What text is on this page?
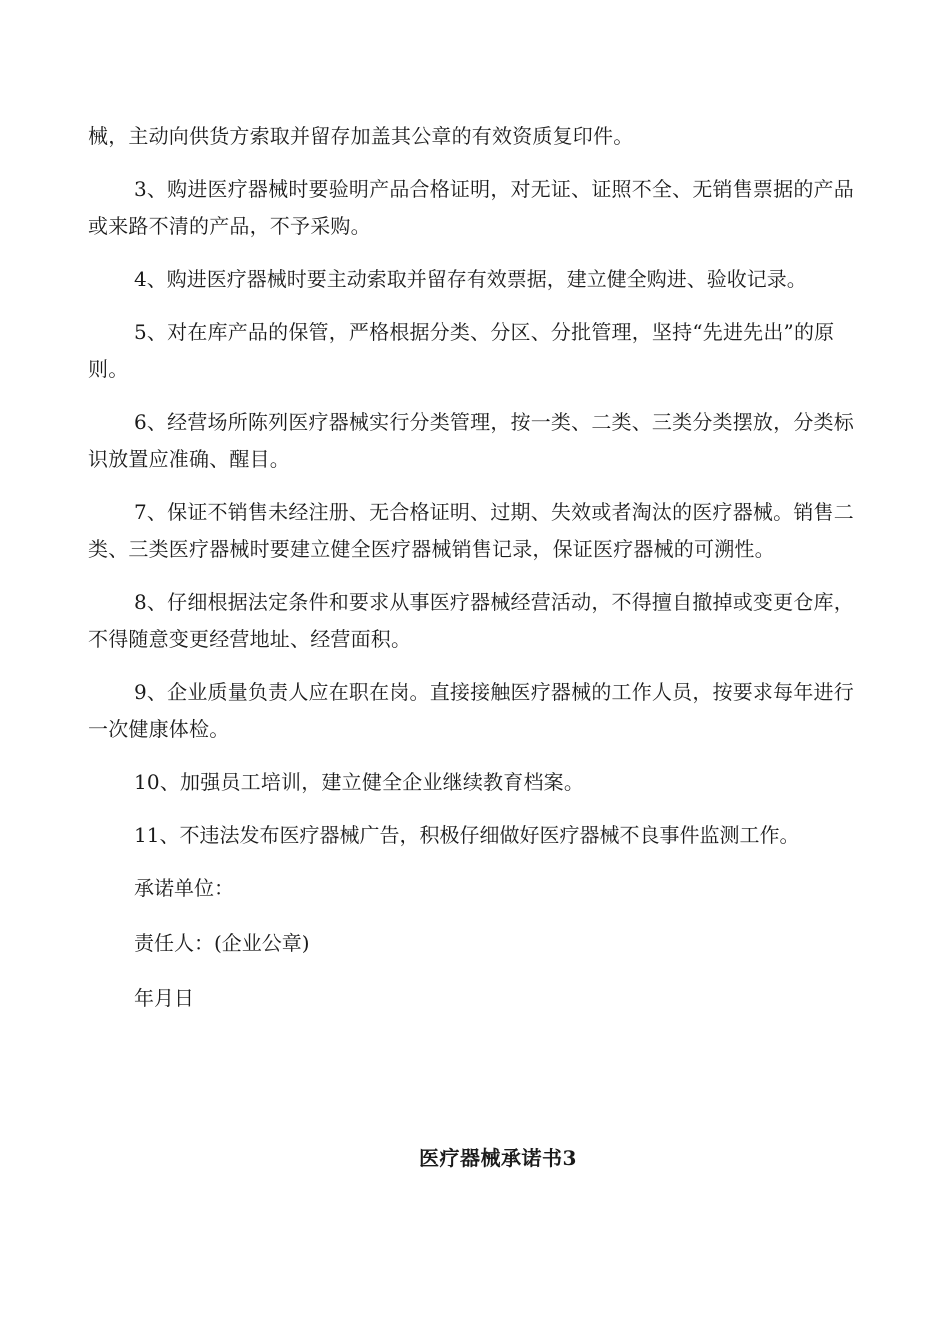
械，主动向供货方索取并留存加盖其公章的有效资质复印件。

3、购进医疗器械时要验明产品合格证明，对无证、证照不全、无销售票据的产品或来路不清的产品，不予采购。

4、购进医疗器械时要主动索取并留存有效票据，建立健全购进、验收记录。

5、对在库产品的保管，严格根据分类、分区、分批管理，坚持“先进先出”的原则。

6、经营场所陈列医疗器械实行分类管理，按一类、二类、三类分类摆放，分类标识放置应准确、醒目。

7、保证不销售未经注册、无合格证明、过期、失效或者淘汰的医疗器械。销售二类、三类医疗器械时要建立健全医疗器械销售记录，保证医疗器械的可溯性。

8、仔细根据法定条件和要求从事医疗器械经营活动，不得擅自撤掉或变更仓库，不得随意变更经营地址、经营面积。

9、企业质量负责人应在职在岗。直接接触医疗器械的工作人员，按要求每年进行一次健康体检。

10、加强员工培训，建立健全企业继续教育档案。

11、不违法发布医疗器械广告，积极仔细做好医疗器械不良事件监测工作。

承诺单位：
责任人：(企业公章)
年月日
医疗器械承诺书3
